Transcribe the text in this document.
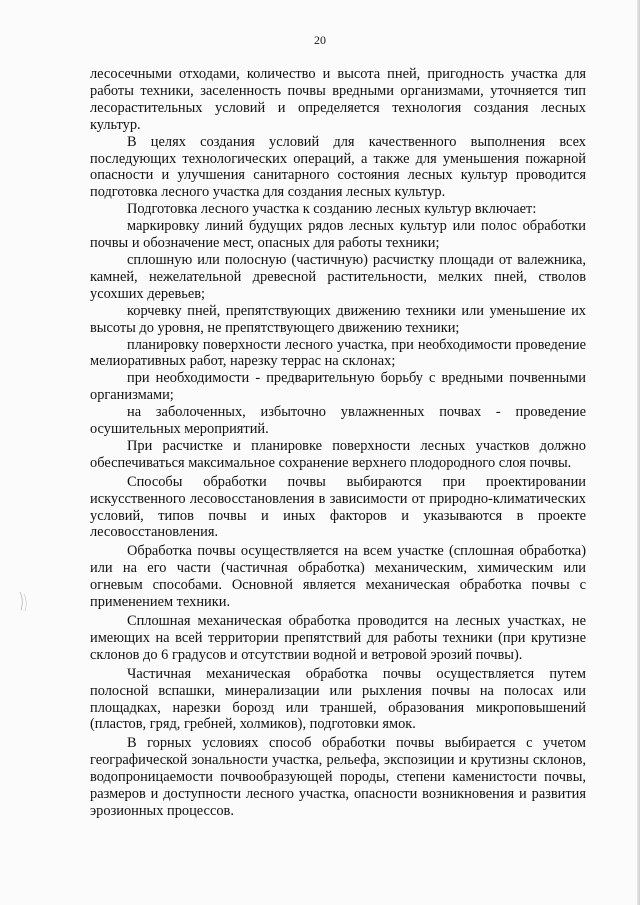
20

лесосечными отходами, количество и высота пней, пригодность участка для работы техники, заселенность почвы вредными организмами, уточняется тип лесорастительных условий и определяется технология создания лесных культур.

В целях создания условий для качественного выполнения всех последующих технологических операций, а также для уменьшения пожарной опасности и улучшения санитарного состояния лесных культур проводится подготовка лесного участка для создания лесных культур.

Подготовка лесного участка к созданию лесных культур включает:

маркировку линий будущих рядов лесных культур или полос обработки почвы и обозначение мест, опасных для работы техники;

сплошную или полосную (частичную) расчистку площади от валежника, камней, нежелательной древесной растительности, мелких пней, стволов усохших деревьев;

корчевку пней, препятствующих движению техники или уменьшение их высоты до уровня, не препятствующего движению техники;

планировку поверхности лесного участка, при необходимости проведение мелиоративных работ, нарезку террас на склонах;

при необходимости - предварительную борьбу с вредными почвенными организмами;

на заболоченных, избыточно увлажненных почвах - проведение осушительных мероприятий.

При расчистке и планировке поверхности лесных участков должно обеспечиваться максимальное сохранение верхнего плодородного слоя почвы.

Способы обработки почвы выбираются при проектировании искусственного лесовосстановления в зависимости от природно-климатических условий, типов почвы и иных факторов и указываются в проекте лесовосстановления.

Обработка почвы осуществляется на всем участке (сплошная обработка) или на его части (частичная обработка) механическим, химическим или огневым способами. Основной является механическая обработка почвы с применением техники.

Сплошная механическая обработка проводится на лесных участках, не имеющих на всей территории препятствий для работы техники (при крутизне склонов до 6 градусов и отсутствии водной и ветровой эрозий почвы).

Частичная механическая обработка почвы осуществляется путем полосной вспашки, минерализации или рыхления почвы на полосах или площадках, нарезки борозд или траншей, образования микроповышений (пластов, гряд, гребней, холмиков), подготовки ямок.

В горных условиях способ обработки почвы выбирается с учетом географической зональности участка, рельефа, экспозиции и крутизны склонов, водопроницаемости почвообразующей породы, степени каменистости почвы, размеров и доступности лесного участка, опасности возникновения и развития эрозионных процессов.
